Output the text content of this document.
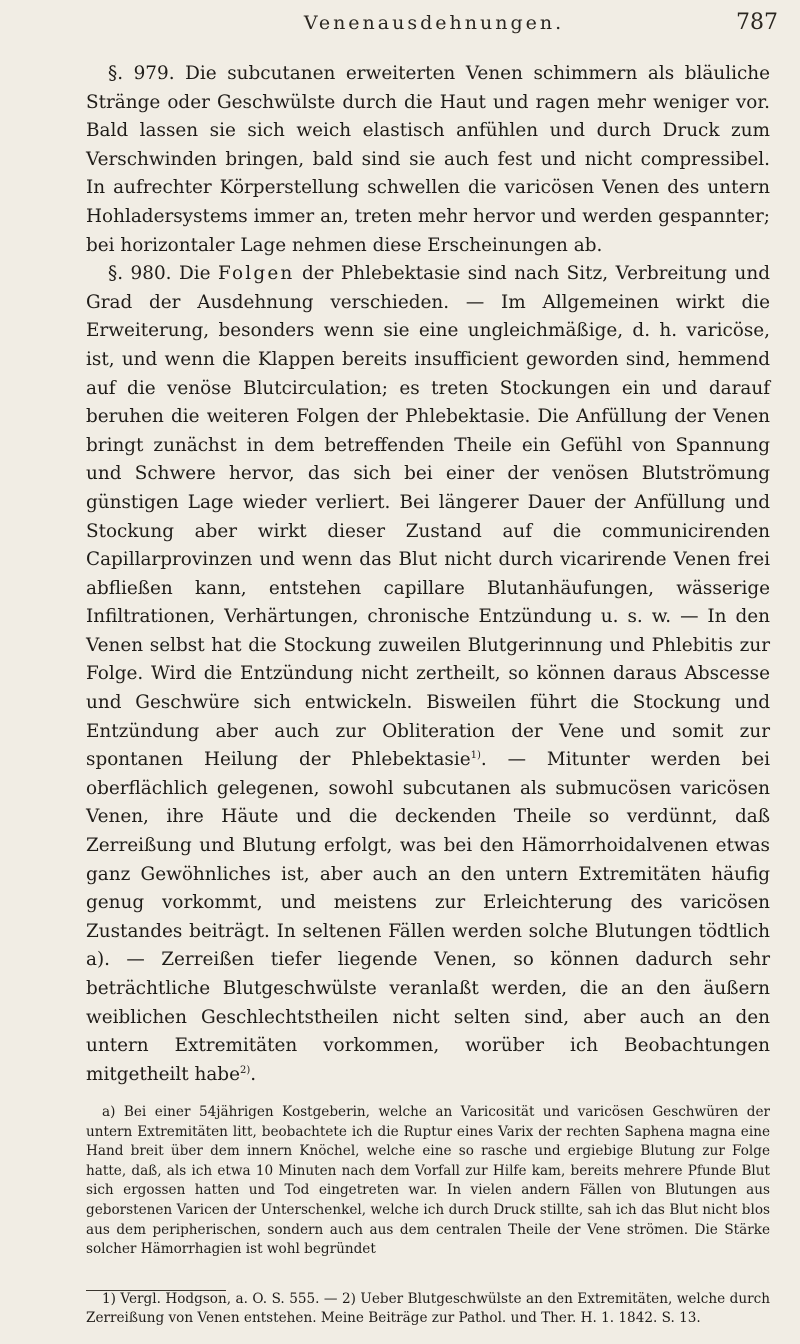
Venenausdehnungen.	787

§. 979. Die subcutanen erweiterten Venen schimmern als bläuliche Stränge oder Geschwülste durch die Haut und ragen mehr weniger vor. Bald lassen sie sich weich elastisch anfühlen und durch Druck zum Verschwinden bringen, bald sind sie auch fest und nicht compressibel. In aufrechter Körperstellung schwellen die varicösen Venen des untern Hohladersystems immer an, treten mehr hervor und werden gespannter; bei horizontaler Lage nehmen diese Erscheinungen ab.

§. 980. Die Folgen der Phlebektasie sind nach Sitz, Verbreitung und Grad der Ausdehnung verschieden. — Im Allgemeinen wirkt die Erweiterung, besonders wenn sie eine ungleichmäßige, d. h. varicöse, ist, und wenn die Klappen bereits insufficient geworden sind, hemmend auf die venöse Blutcirculation; es treten Stockungen ein und darauf beruhen die weiteren Folgen der Phlebektasie. Die Anfüllung der Venen bringt zunächst in dem betreffenden Theile ein Gefühl von Spannung und Schwere hervor, das sich bei einer der venösen Blutströmung günstigen Lage wieder verliert. Bei längerer Dauer der Anfüllung und Stockung aber wirkt dieser Zustand auf die communicirenden Capillarprovinzen und wenn das Blut nicht durch vicarirende Venen frei abfließen kann, entstehen capillare Blutanhäufungen, wässerige Infiltrationen, Verhärtungen, chronische Entzündung u. s. w. — In den Venen selbst hat die Stockung zuweilen Blutgerinnung und Phlebitis zur Folge. Wird die Entzündung nicht zertheilt, so können daraus Abscesse und Geschwüre sich entwickeln. Bisweilen führt die Stockung und Entzündung aber auch zur Obliteration der Vene und somit zur spontanen Heilung der Phlebektasie$^{1)}$. — Mitunter werden bei oberflächlich gelegenen, sowohl subcutanen als submucösen varicösen Venen, ihre Häute und die deckenden Theile so verdünnt, daß Zerreißung und Blutung erfolgt, was bei den Hämorrhoidalvenen etwas ganz Gewöhnliches ist, aber auch an den untern Extremitäten häufig genug vorkommt, und meistens zur Erleichterung des varicösen Zustandes beiträgt. In seltenen Fällen werden solche Blutungen tödtlich a). — Zerreißen tiefer liegende Venen, so können dadurch sehr beträchtliche Blutgeschwülste veranlaßt werden, die an den äußern weiblichen Geschlechtstheilen nicht selten sind, aber auch an den untern Extremitäten vorkommen, worüber ich Beobachtungen mitgetheilt habe$^{2)}$.

a) Bei einer 54jährigen Kostgeberin, welche an Varicosität und varicösen Geschwüren der untern Extremitäten litt, beobachtete ich die Ruptur eines Varix der rechten Saphena magna eine Hand breit über dem innern Knöchel, welche eine so rasche und ergiebige Blutung zur Folge hatte, daß, als ich etwa 10 Minuten nach dem Vorfall zur Hilfe kam, bereits mehrere Pfunde Blut sich ergossen hatten und Tod eingetreten war. In vielen andern Fällen von Blutungen aus geborstenen Varicen der Unterschenkel, welche ich durch Druck stillte, sah ich das Blut nicht blos aus dem peripherischen, sondern auch aus dem centralen Theile der Vene strömen. Die Stärke solcher Hämorrhagien ist wohl begründet

1) Vergl. Hodgson, a. O. S. 555. — 2) Ueber Blutgeschwülste an den Extremitäten, welche durch Zerreißung von Venen entstehen. Meine Beiträge zur Pathol. und Ther. H. 1. 1842. S. 13.
